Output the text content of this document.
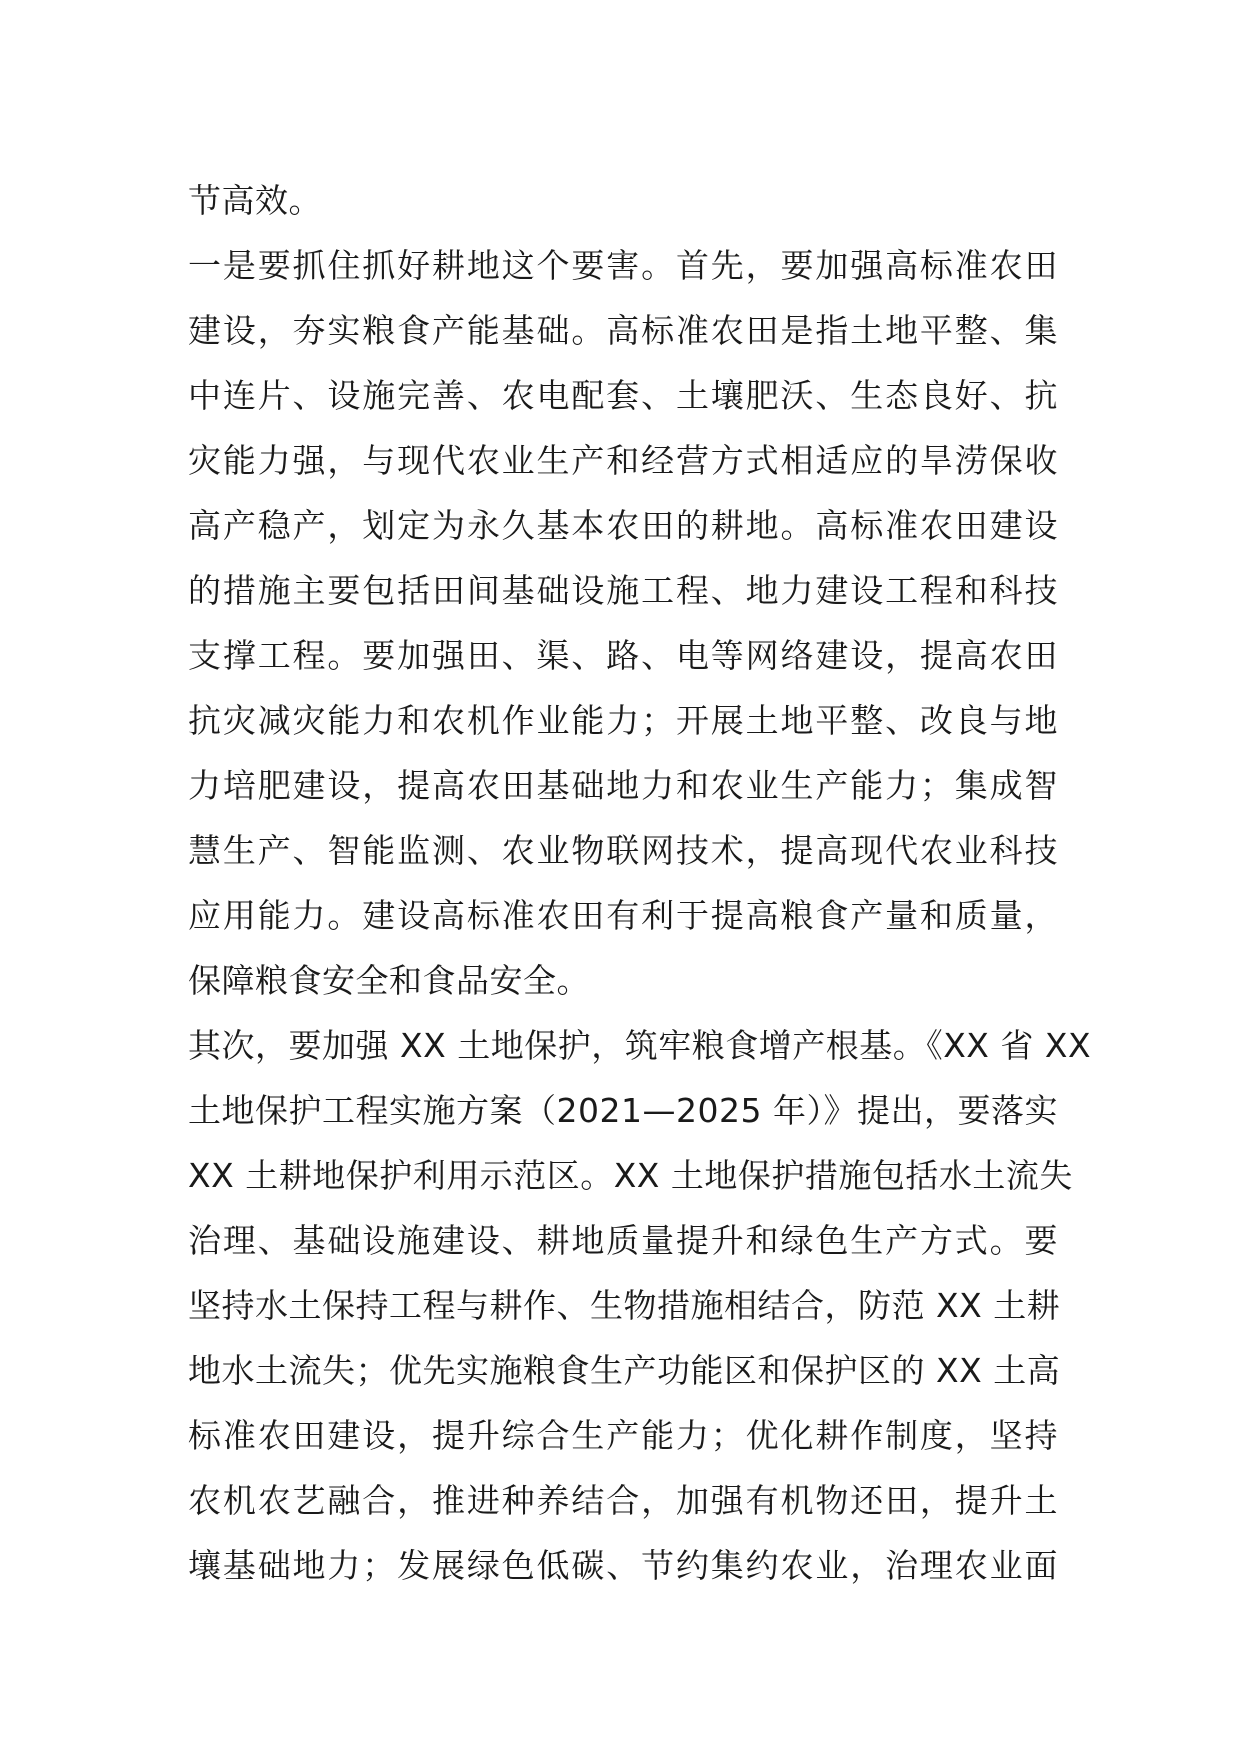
节高效。
一是要抓住抓好耕地这个要害。首先，要加强高标准农田
建设，夯实粮食产能基础。高标准农田是指土地平整、集
中连片、设施完善、农电配套、土壤肥沃、生态良好、抗
灾能力强，与现代农业生产和经营方式相适应的旱涝保收
高产稳产，划定为永久基本农田的耕地。高标准农田建设
的措施主要包括田间基础设施工程、地力建设工程和科技
支撑工程。要加强田、渠、路、电等网络建设，提高农田
抗灾减灾能力和农机作业能力；开展土地平整、改良与地
力培肥建设，提高农田基础地力和农业生产能力；集成智
慧生产、智能监测、农业物联网技术，提高现代农业科技
应用能力。建设高标准农田有利于提高粮食产量和质量，
保障粮食安全和食品安全。
其次，要加强 XX 土地保护，筑牢粮食增产根基。《XX 省 XX
土地保护工程实施方案（2021—2025 年）》提出，要落实
XX 土耕地保护利用示范区。XX 土地保护措施包括水土流失
治理、基础设施建设、耕地质量提升和绿色生产方式。要
坚持水土保持工程与耕作、生物措施相结合，防范 XX 土耕
地水土流失；优先实施粮食生产功能区和保护区的 XX 土高
标准农田建设，提升综合生产能力；优化耕作制度，坚持
农机农艺融合，推进种养结合，加强有机物还田，提升土
壤基础地力；发展绿色低碳、节约集约农业，治理农业面
